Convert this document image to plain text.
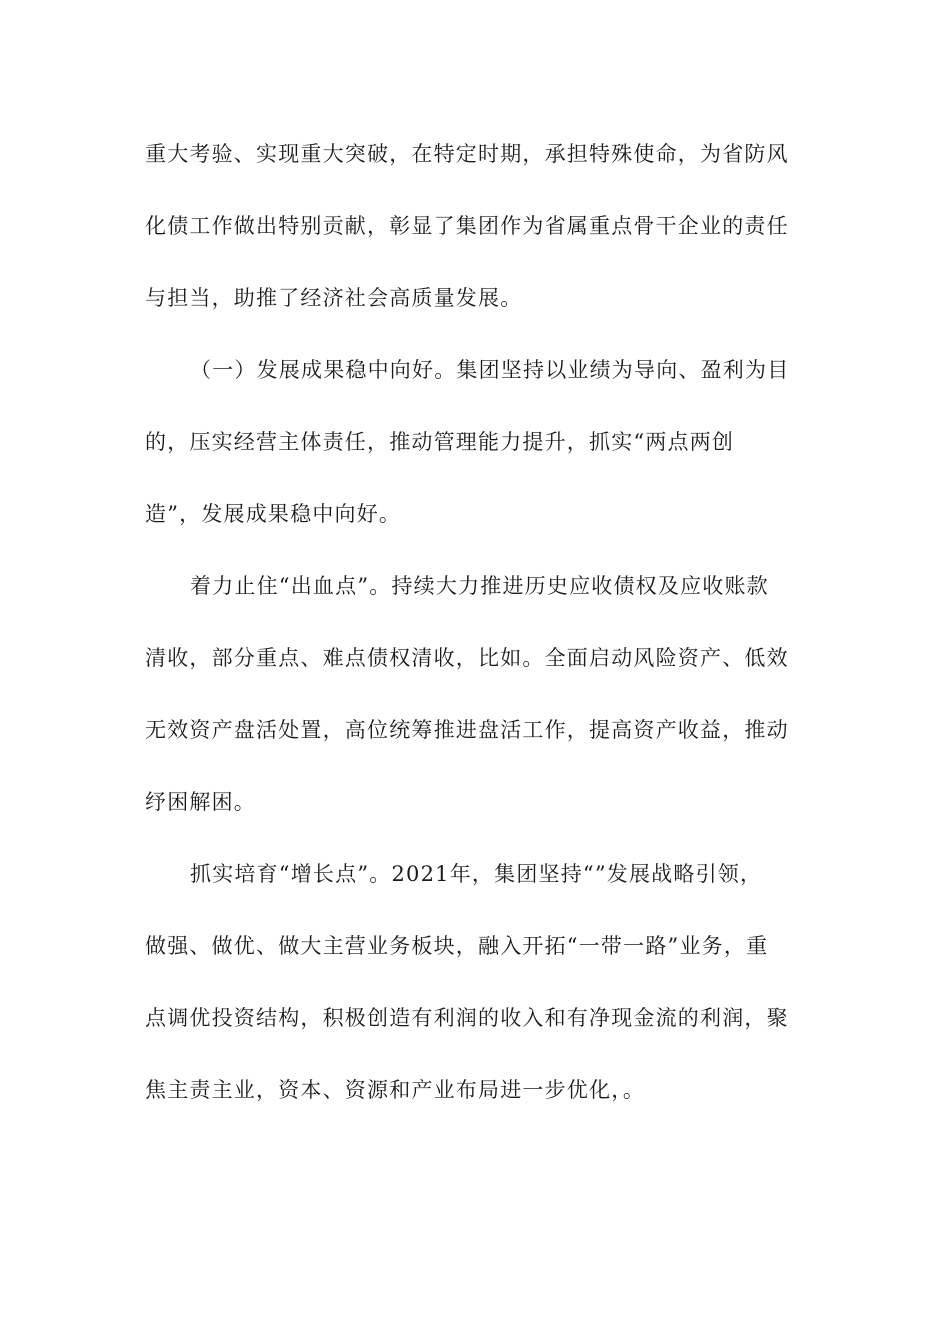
重大考验、实现重大突破，在特定时期，承担特殊使命，为省防风
化债工作做出特别贡献，彰显了集团作为省属重点骨干企业的责任
与担当，助推了经济社会高质量发展。
（一）发展成果稳中向好。集团坚持以业绩为导向、盈利为目
的，压实经营主体责任，推动管理能力提升，抓实“两点两创
造”，发展成果稳中向好。
着力止住“出血点”。持续大力推进历史应收债权及应收账款
清收，部分重点、难点债权清收，比如。全面启动风险资产、低效
无效资产盘活处置，高位统筹推进盘活工作，提高资产收益，推动
纾困解困。
抓实培育“增长点”。2021年，集团坚持“”发展战略引领，
做强、做优、做大主营业务板块，融入开拓“一带一路”业务，重
点调优投资结构，积极创造有利润的收入和有净现金流的利润，聚
焦主责主业，资本、资源和产业布局进一步优化，。
